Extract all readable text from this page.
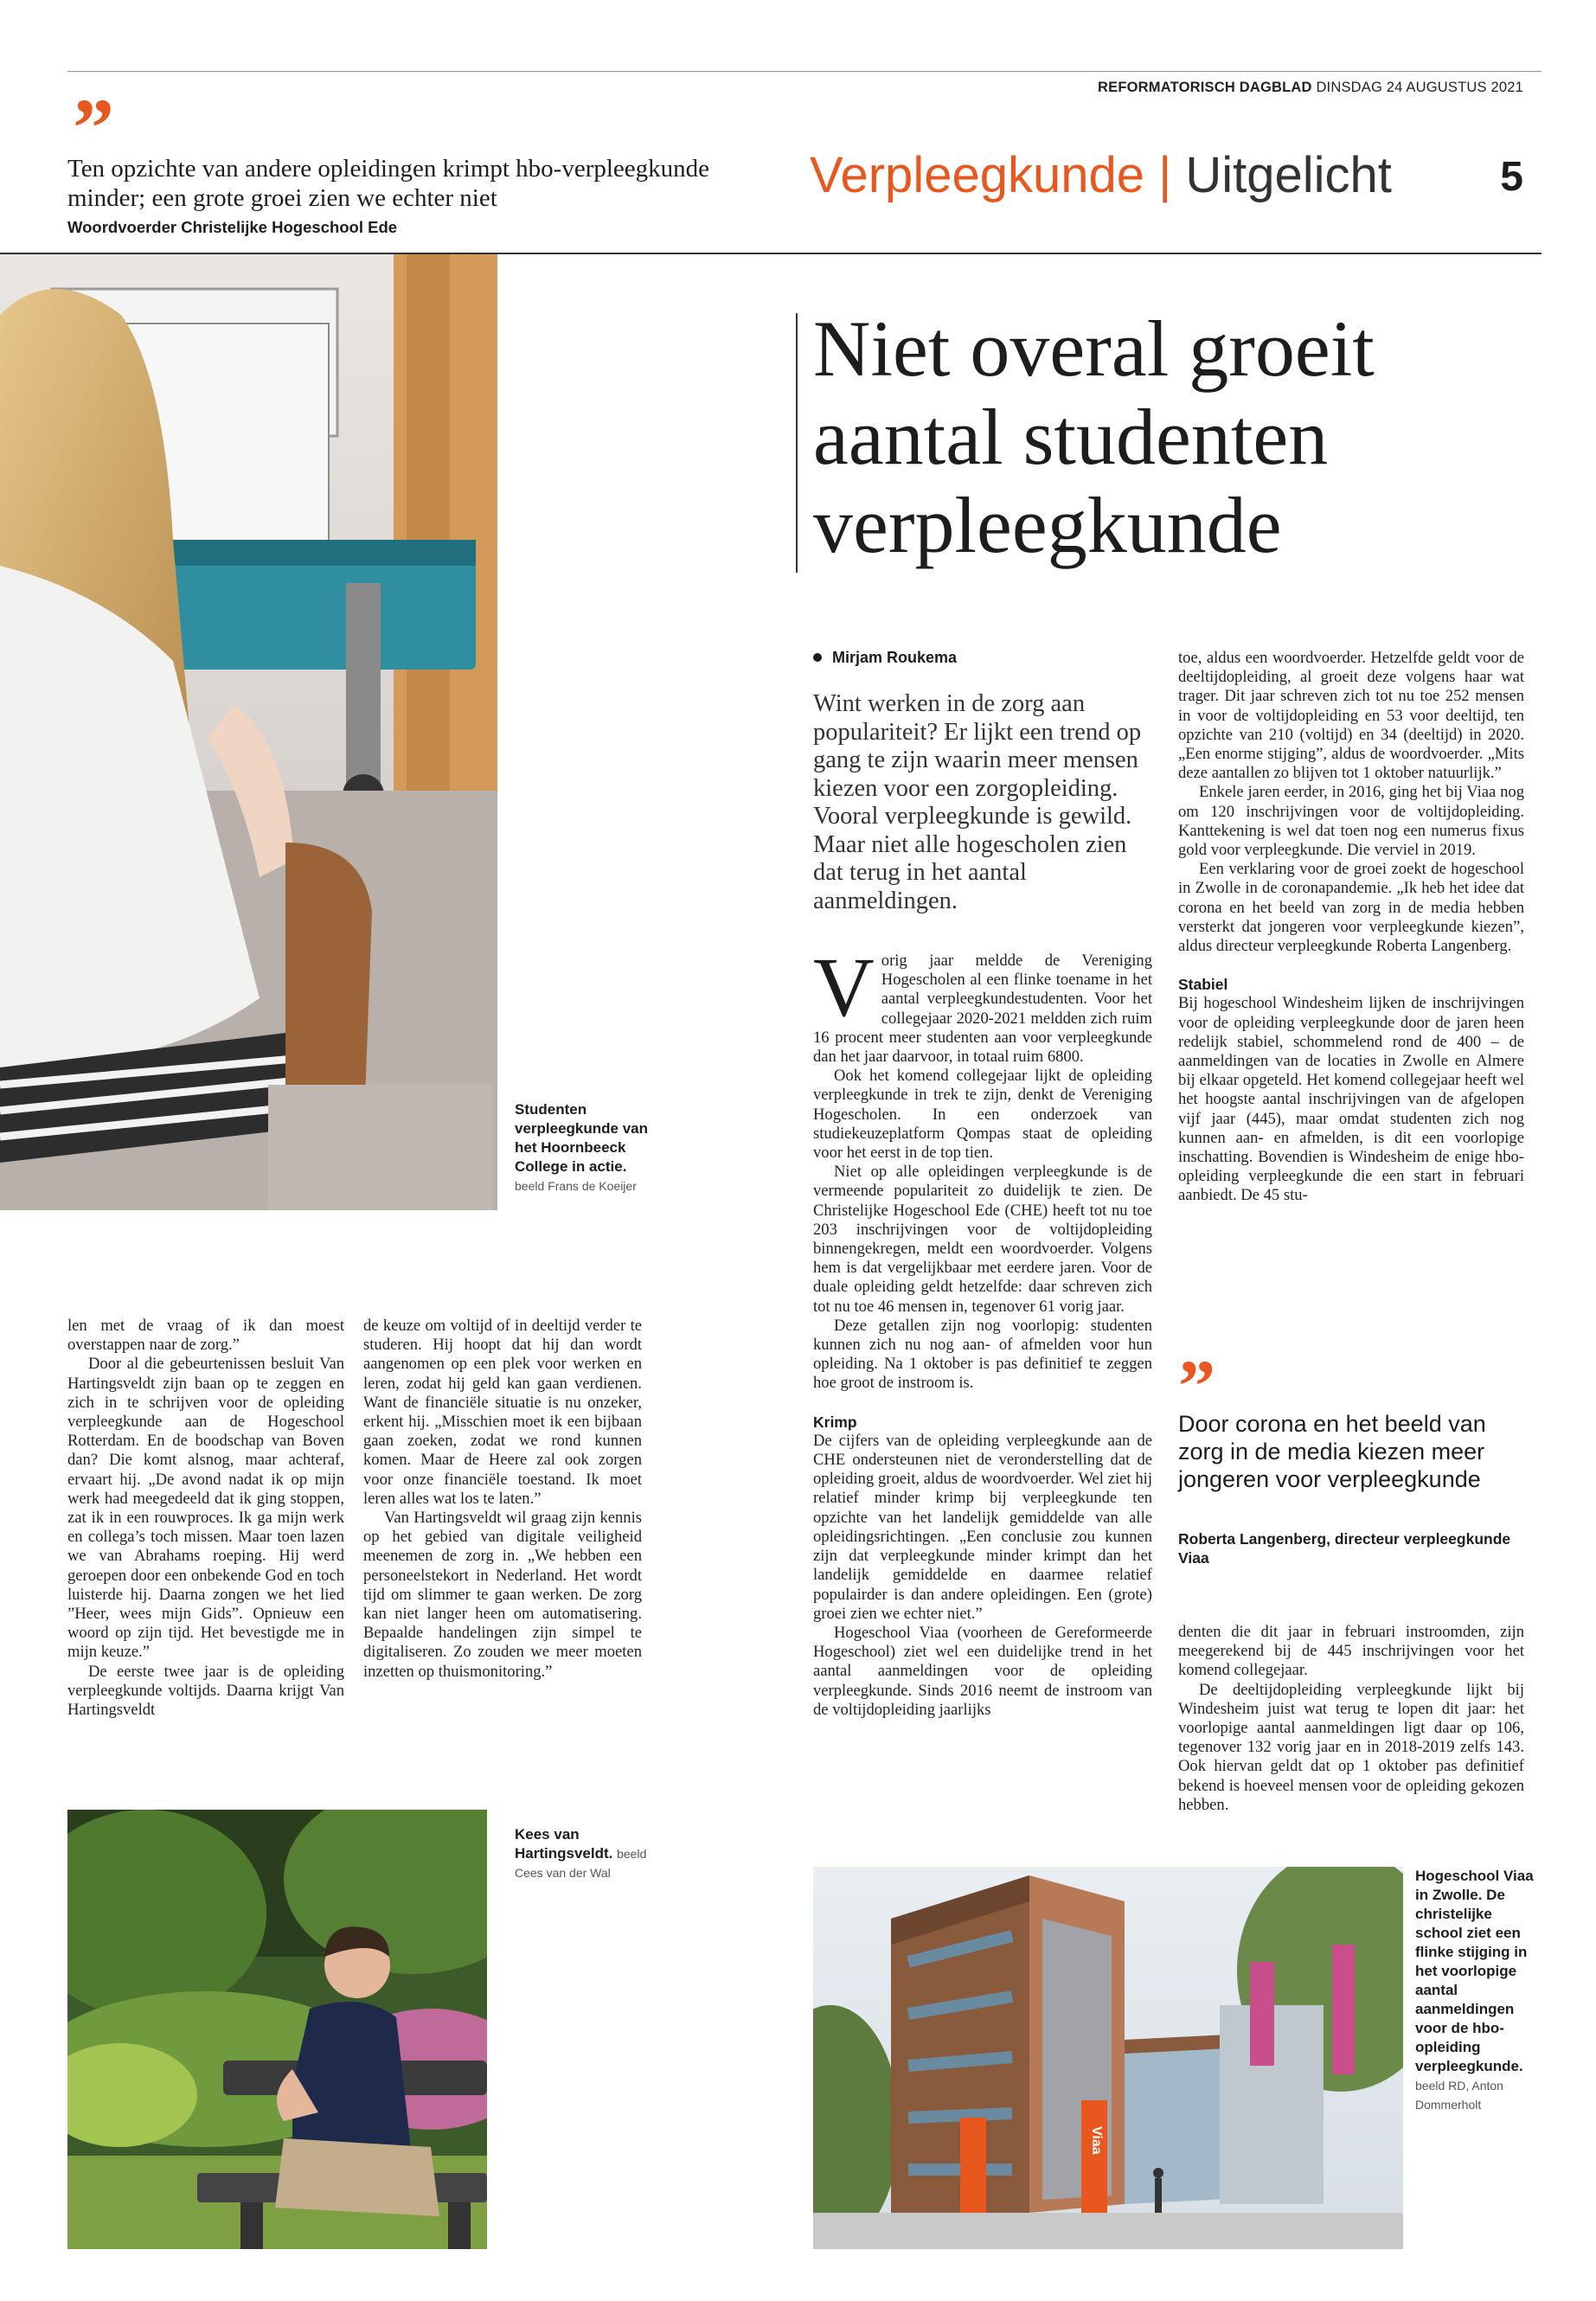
REFORMATORISCH DAGBLAD DINSDAG 24 AUGUSTUS 2021
”
Ten opzichte van andere opleidingen krimpt hbo-verpleegkunde minder; een grote groei zien we echter niet
Woordvoerder Christelijke Hogeschool Ede
Verpleegkunde | Uitgelicht	5
Studenten verpleegkunde van het Hoornbeeck College in actie. beeld Frans de Koeijer
Niet overal groeit aantal studenten verpleegkunde
Mirjam Roukema
Wint werken in de zorg aan populariteit? Er lijkt een trend op gang te zijn waarin meer mensen kiezen voor een zorgopleiding. Vooral verpleegkunde is gewild. Maar niet alle hogescholen zien dat terug in het aantal aanmeldingen.

Vorig jaar meldde de Vereniging Hogescholen al een flinke toename in het aantal verpleegkundestudenten. Voor het collegejaar 2020-2021 meldden zich ruim 16 procent meer studenten aan voor verpleegkunde dan het jaar daarvoor, in totaal ruim 6800.

Ook het komend collegejaar lijkt de opleiding verpleegkunde in trek te zijn, denkt de Vereniging Hogescholen. In een onderzoek van studiekeuzeplatform Qompas staat de opleiding voor het eerst in de top tien.

Niet op alle opleidingen verpleegkunde is de vermeende populariteit zo duidelijk te zien. De Christelijke Hogeschool Ede (CHE) heeft tot nu toe 203 inschrijvingen voor de voltijdopleiding binnengekregen, meldt een woordvoerder. Volgens hem is dat vergelijkbaar met eerdere jaren. Voor de duale opleiding geldt hetzelfde: daar schreven zich tot nu toe 46 mensen in, tegenover 61 vorig jaar.

Deze getallen zijn nog voorlopig: studenten kunnen zich nu nog aan- of afmelden voor hun opleiding. Na 1 oktober is pas definitief te zeggen hoe groot de instroom is.

Krimp

De cijfers van de opleiding verpleegkunde aan de CHE ondersteunen niet de veronderstelling dat de opleiding groeit, aldus de woordvoerder. Wel ziet hij relatief minder krimp bij verpleegkunde ten opzichte van het landelijk gemiddelde van alle opleidingsrichtingen. „Een conclusie zou kunnen zijn dat verpleegkunde minder krimpt dan het landelijk gemiddelde en daarmee relatief populairder is dan andere opleidingen. Een (grote) groei zien we echter niet.”

Hogeschool Viaa (voorheen de Gereformeerde Hogeschool) ziet wel een duidelijke trend in het aantal aanmeldingen voor de opleiding verpleegkunde. Sinds 2016 neemt de instroom van de voltijdopleiding jaarlijks

toe, aldus een woordvoerder. Hetzelfde geldt voor de deeltijdopleiding, al groeit deze volgens haar wat trager. Dit jaar schreven zich tot nu toe 252 mensen in voor de voltijdopleiding en 53 voor deeltijd, ten opzichte van 210 (voltijd) en 34 (deeltijd) in 2020. „Een enorme stijging”, aldus de woordvoerder. „Mits deze aantallen zo blijven tot 1 oktober natuurlijk.”

Enkele jaren eerder, in 2016, ging het bij Viaa nog om 120 inschrijvingen voor de voltijdopleiding. Kanttekening is wel dat toen nog een numerus fixus gold voor verpleegkunde. Die verviel in 2019.

Een verklaring voor de groei zoekt de hogeschool in Zwolle in de coronapandemie. „Ik heb het idee dat corona en het beeld van zorg in de media hebben versterkt dat jongeren voor verpleegkunde kiezen”, aldus directeur verpleegkunde Roberta Langenberg.

Stabiel

Bij hogeschool Windesheim lijken de inschrijvingen voor de opleiding verpleegkunde door de jaren heen redelijk stabiel, schommelend rond de 400 – de aanmeldingen van de locaties in Zwolle en Almere bij elkaar opgeteld. Het komend collegejaar heeft wel het hoogste aantal inschrijvingen van de afgelopen vijf jaar (445), maar omdat studenten zich nog kunnen aan- en afmelden, is dit een voorlopige inschatting. Bovendien is Windesheim de enige hbo-opleiding verpleegkunde die een start in februari aanbiedt. De 45 stu-

”
Door corona en het beeld van zorg in de media kiezen meer jongeren voor verpleegkunde
Roberta Langenberg, directeur verpleegkunde Viaa

denten die dit jaar in februari instroomden, zijn meegerekend bij de 445 inschrijvingen voor het komend collegejaar.

De deeltijdopleiding verpleegkunde lijkt bij Windesheim juist wat terug te lopen dit jaar: het voorlopige aantal aanmeldingen ligt daar op 106, tegenover 132 vorig jaar en in 2018-2019 zelfs 143. Ook hiervan geldt dat op 1 oktober pas definitief bekend is hoeveel mensen voor de opleiding gekozen hebben.

len met de vraag of ik dan moest overstappen naar de zorg.”

Door al die gebeurtenissen besluit Van Hartingsveldt zijn baan op te zeggen en zich in te schrijven voor de opleiding verpleegkunde aan de Hogeschool Rotterdam. En de boodschap van Boven dan? Die komt alsnog, maar achteraf, ervaart hij. „De avond nadat ik op mijn werk had meegedeeld dat ik ging stoppen, zat ik in een rouwproces. Ik ga mijn werk en collega’s toch missen. Maar toen lazen we van Abrahams roeping. Hij werd geroepen door een onbekende God en toch luisterde hij. Daarna zongen we het lied ”Heer, wees mijn Gids”. Opnieuw een woord op zijn tijd. Het bevestigde me in mijn keuze.”

De eerste twee jaar is de opleiding verpleegkunde voltijds. Daarna krijgt Van Hartingsveldt

de keuze om voltijd of in deeltijd verder te studeren. Hij hoopt dat hij dan wordt aangenomen op een plek voor werken en leren, zodat hij geld kan gaan verdienen. Want de financiële situatie is nu onzeker, erkent hij. „Misschien moet ik een bijbaan gaan zoeken, zodat we rond kunnen komen. Maar de Heere zal ook zorgen voor onze financiële toestand. Ik moet leren alles wat los te laten.”

Van Hartingsveldt wil graag zijn kennis op het gebied van digitale veiligheid meenemen de zorg in. „We hebben een personeelstekort in Nederland. Het wordt tijd om slimmer te gaan werken. De zorg kan niet langer heen om automatisering. Bepaalde handelingen zijn simpel te digitaliseren. Zo zouden we meer moeten inzetten op thuismonitoring.”

Kees van Hartingsveldt. beeld Cees van der Wal
Viaa
Hogeschool Viaa in Zwolle. De christelijke school ziet een flinke stijging in het voorlopige aantal aanmeldingen voor de hbo-opleiding verpleegkunde. beeld RD, Anton Dommerholt
